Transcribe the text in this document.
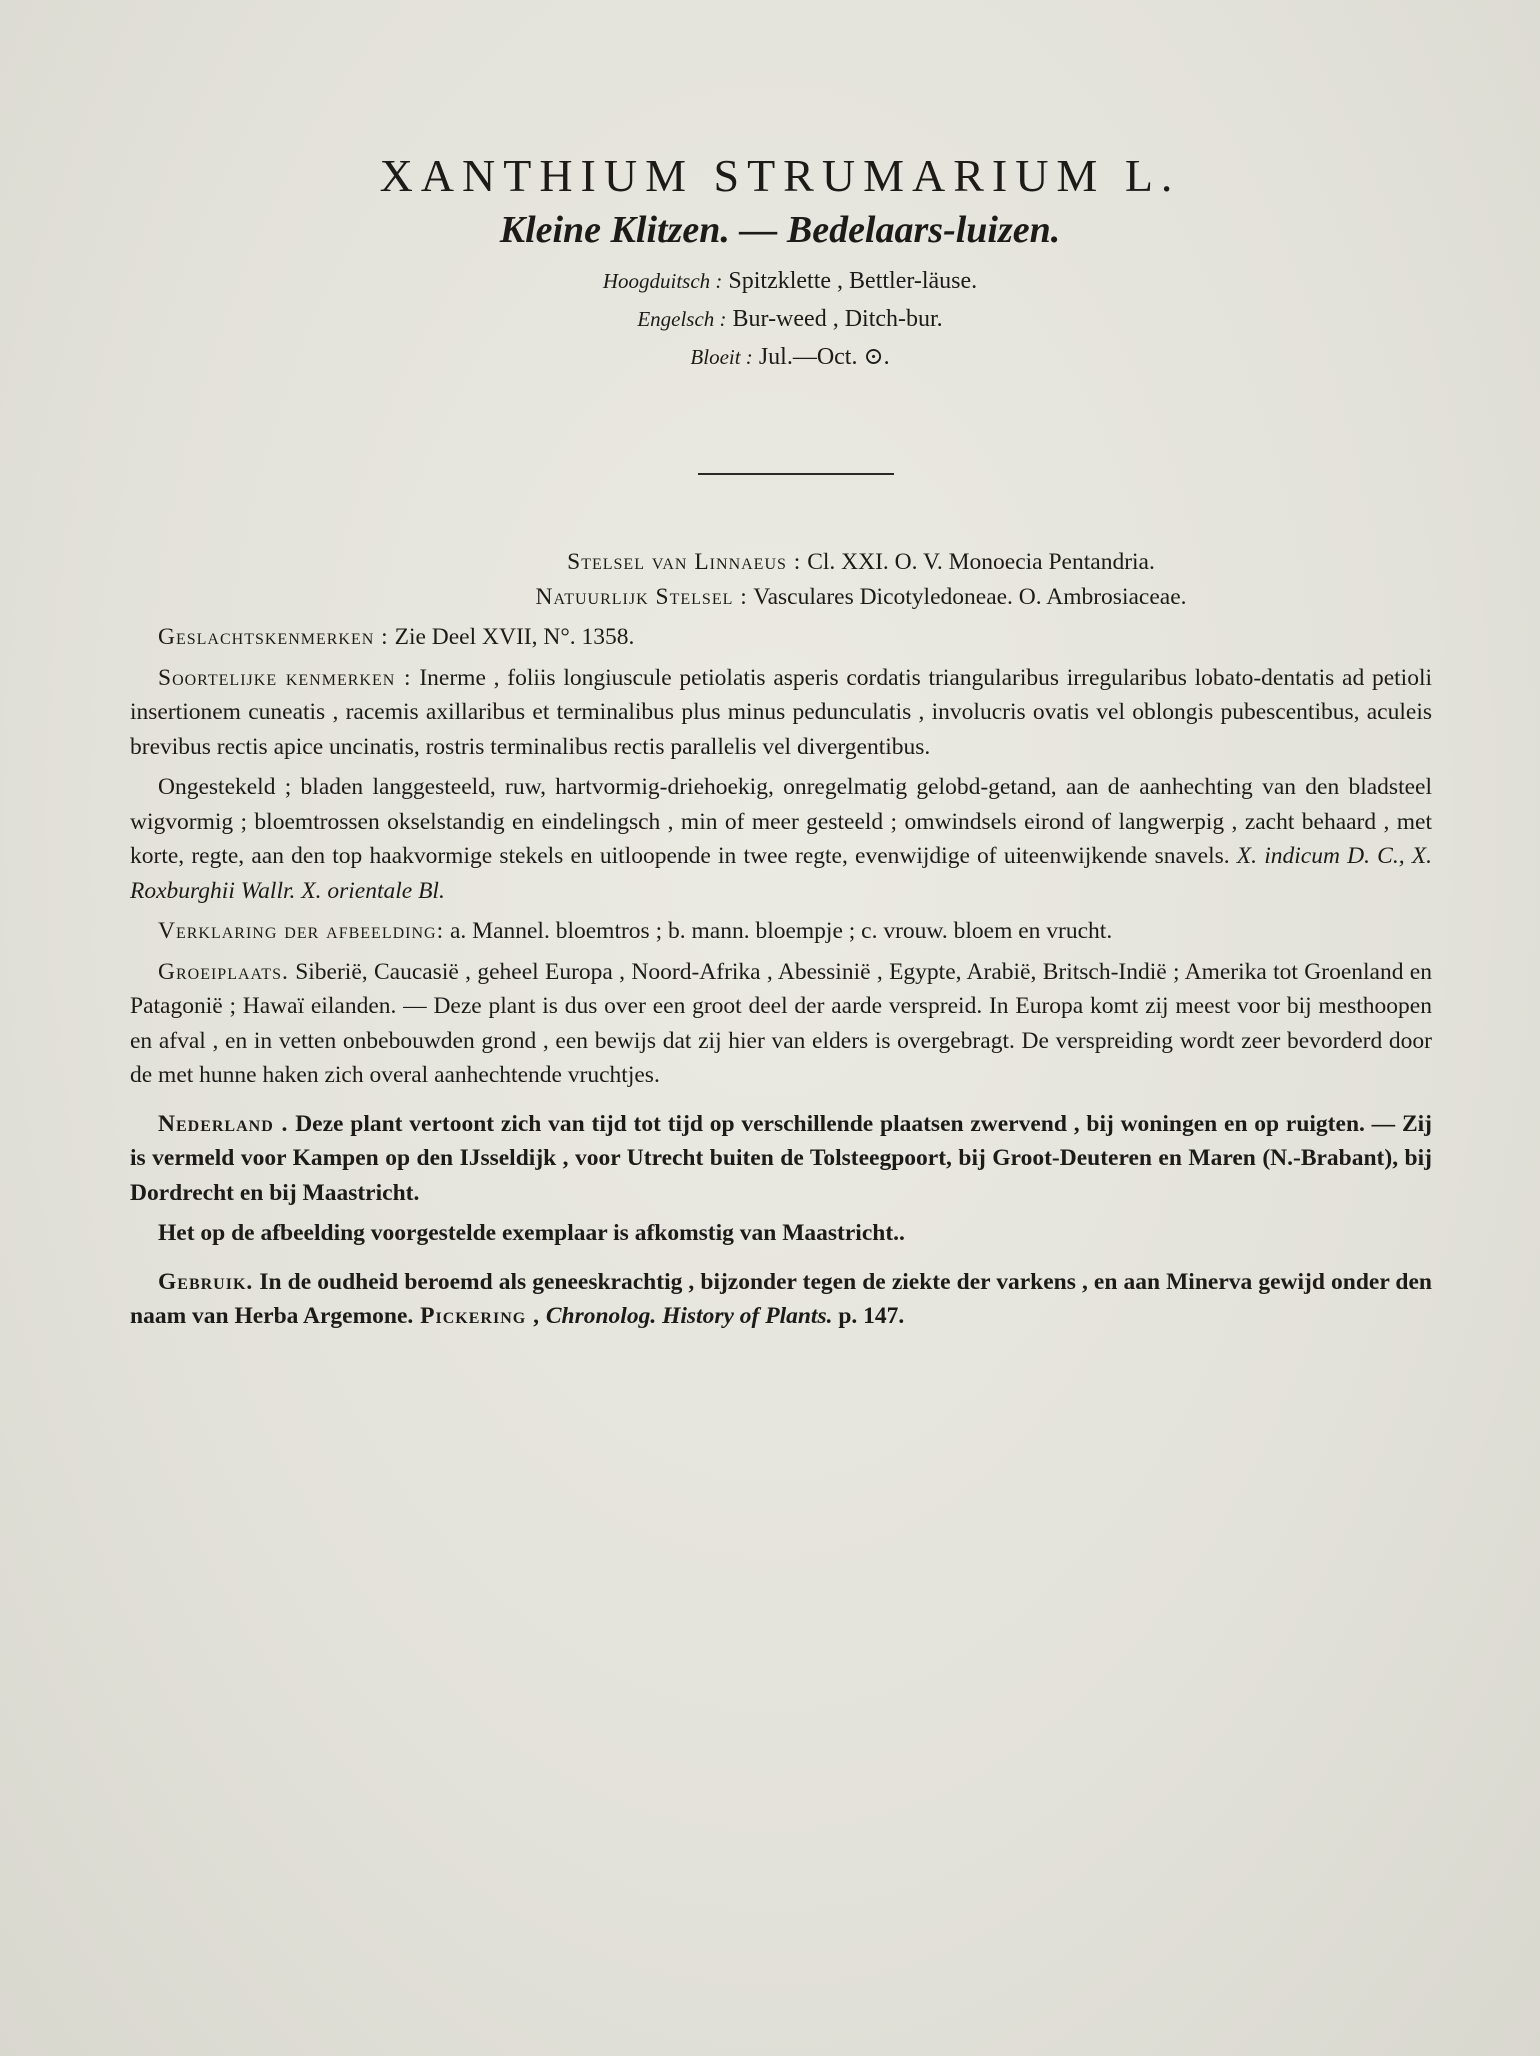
XANTHIUM STRUMARIUM L.
Kleine Klitzen. — Bedelaars-luizen.
Hoogduitsch : Spitzklette , Bettler-läuse.
Engelsch : Bur-weed , Ditch-bur.
Bloeit : Jul.—Oct. ⊙.
Stelsel van Linnaeus : Cl. XXI. O. V. Monoecia Pentandria.
Natuurlijk Stelsel : Vasculares Dicotyledoneae. O. Ambrosiaceae.

Geslachtskenmerken : Zie Deel XVII, N°. 1358.

Soortelijke kenmerken : Inerme , foliis longiuscule petiolatis asperis cordatis triangularibus irregularibus lobato-dentatis ad petioli insertionem cuneatis , racemis axillaribus et terminalibus plus minus pedunculatis , involucris ovatis vel oblongis pubescentibus, aculeis brevibus rectis apice uncinatis, rostris terminalibus rectis parallelis vel divergentibus.

Ongestekeld ; bladen langgesteeld, ruw, hartvormig-driehoekig, onregelmatig gelobd-getand, aan de aanhechting van den bladsteel wigvormig ; bloemtrossen okselstandig en eindelingsch , min of meer gesteeld ; omwindsels eirond of langwerpig , zacht behaard , met korte, regte, aan den top haakvormige stekels en uitloopende in twee regte, evenwijdige of uiteenwijkende snavels. X. indicum D. C., X. Roxburghii Wallr. X. orientale Bl.

Verklaring der afbeelding: a. Mannel. bloemtros ; b. mann. bloempje ; c. vrouw. bloem en vrucht.

Groeiplaats. Siberië, Caucasië , geheel Europa , Noord-Afrika , Abessinië , Egypte, Arabië, Britsch-Indië ; Amerika tot Groenland en Patagonië ; Hawaï eilanden. — Deze plant is dus over een groot deel der aarde verspreid. In Europa komt zij meest voor bij mesthoopen en afval , en in vetten onbebouwden grond , een bewijs dat zij hier van elders is overgebragt. De verspreiding wordt zeer bevorderd door de met hunne haken zich overal aanhechtende vruchtjes.

Nederland . Deze plant vertoont zich van tijd tot tijd op verschillende plaatsen zwervend , bij woningen en op ruigten. — Zij is vermeld voor Kampen op den IJsseldijk , voor Utrecht buiten de Tolsteegpoort, bij Groot-Deuteren en Maren (N.-Brabant), bij Dordrecht en bij Maastricht.

Het op de afbeelding voorgestelde exemplaar is afkomstig van Maastricht..

Gebruik. In de oudheid beroemd als geneeskrachtig , bijzonder tegen de ziekte der varkens , en aan Minerva gewijd onder den naam van Herba Argemone. Pickering , Chronolog. History of Plants. p. 147.
